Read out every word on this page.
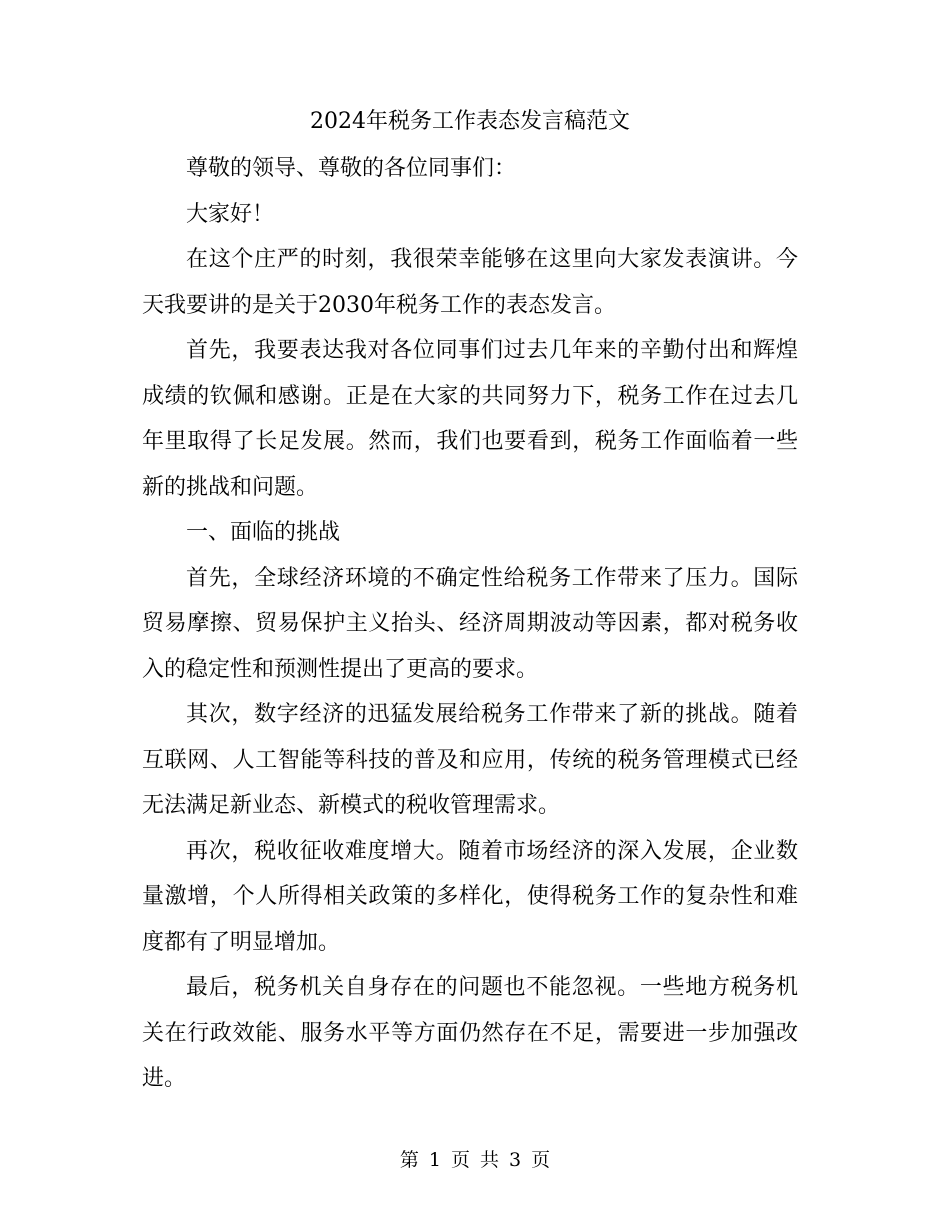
2024年税务工作表态发言稿范文

尊敬的领导、尊敬的各位同事们：

大家好！

在这个庄严的时刻，我很荣幸能够在这里向大家发表演讲。今天我要讲的是关于2030年税务工作的表态发言。

首先，我要表达我对各位同事们过去几年来的辛勤付出和辉煌成绩的钦佩和感谢。正是在大家的共同努力下，税务工作在过去几年里取得了长足发展。然而，我们也要看到，税务工作面临着一些新的挑战和问题。

一、面临的挑战

首先，全球经济环境的不确定性给税务工作带来了压力。国际贸易摩擦、贸易保护主义抬头、经济周期波动等因素，都对税务收入的稳定性和预测性提出了更高的要求。

其次，数字经济的迅猛发展给税务工作带来了新的挑战。随着互联网、人工智能等科技的普及和应用，传统的税务管理模式已经无法满足新业态、新模式的税收管理需求。

再次，税收征收难度增大。随着市场经济的深入发展，企业数量激增，个人所得相关政策的多样化，使得税务工作的复杂性和难度都有了明显增加。

最后，税务机关自身存在的问题也不能忽视。一些地方税务机关在行政效能、服务水平等方面仍然存在不足，需要进一步加强改进。

第 1 页 共 3 页
